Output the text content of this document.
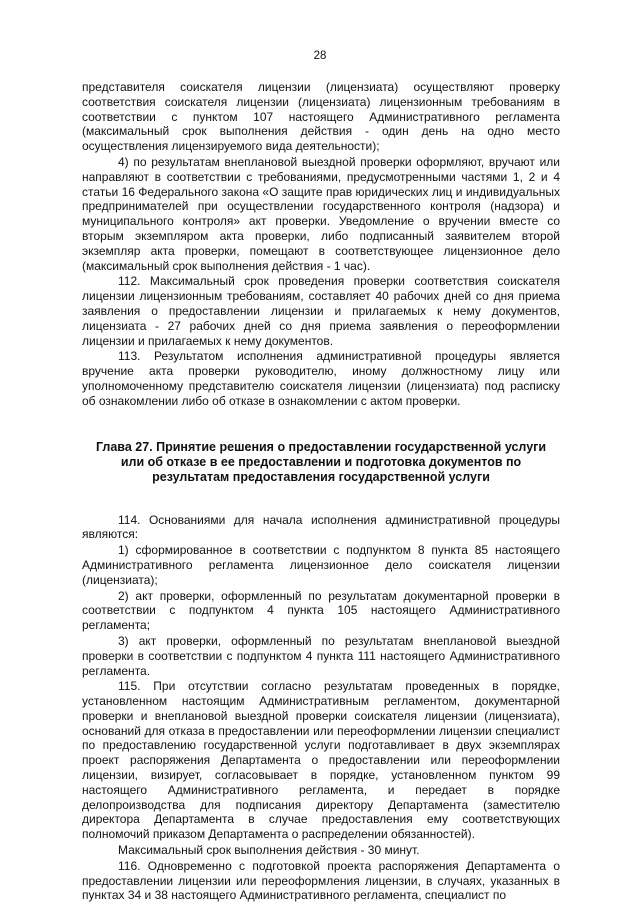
28

представителя соискателя лицензии (лицензиата) осуществляют проверку соответствия соискателя лицензии (лицензиата) лицензионным требованиям в соответствии с пунктом 107 настоящего Административного регламента (максимальный срок выполнения действия - один день на одно место осуществления лицензируемого вида деятельности);

4) по результатам внеплановой выездной проверки оформляют, вручают или направляют в соответствии с требованиями, предусмотренными частями 1, 2 и 4 статьи 16 Федерального закона «О защите прав юридических лиц и индивидуальных предпринимателей при осуществлении государственного контроля (надзора) и муниципального контроля» акт проверки. Уведомление о вручении вместе со вторым экземпляром акта проверки, либо подписанный заявителем второй экземпляр акта проверки, помещают в соответствующее лицензионное дело (максимальный срок выполнения действия - 1 час).

112. Максимальный срок проведения проверки соответствия соискателя лицензии лицензионным требованиям, составляет 40 рабочих дней со дня приема заявления о предоставлении лицензии и прилагаемых к нему документов, лицензиата - 27 рабочих дней со дня приема заявления о переоформлении лицензии и прилагаемых к нему документов.

113. Результатом исполнения административной процедуры является вручение акта проверки руководителю, иному должностному лицу или уполномоченному представителю соискателя лицензии (лицензиата) под расписку об ознакомлении либо об отказе в ознакомлении с актом проверки.

Глава 27. Принятие решения о предоставлении государственной услуги или об отказе в ее предоставлении и подготовка документов по результатам предоставления государственной услуги

114. Основаниями для начала исполнения административной процедуры являются:

1) сформированное в соответствии с подпунктом 8 пункта 85 настоящего Административного регламента лицензионное дело соискателя лицензии (лицензиата);

2) акт проверки, оформленный по результатам документарной проверки в соответствии с подпунктом 4 пункта 105 настоящего Административного регламента;

3) акт проверки, оформленный по результатам внеплановой выездной проверки в соответствии с подпунктом 4 пункта 111 настоящего Административного регламента.

115. При отсутствии согласно результатам проведенных в порядке, установленном настоящим Административным регламентом, документарной проверки и внеплановой выездной проверки соискателя лицензии (лицензиата), оснований для отказа в предоставлении или переоформлении лицензии специалист по предоставлению государственной услуги подготавливает в двух экземплярах проект распоряжения Департамента о предоставлении или переоформлении лицензии, визирует, согласовывает в порядке, установленном пунктом 99 настоящего Административного регламента, и передает в порядке делопроизводства для подписания директору Департамента (заместителю директора Департамента в случае предоставления ему соответствующих полномочий приказом Департамента о распределении обязанностей).

Максимальный срок выполнения действия - 30 минут.

116. Одновременно с подготовкой проекта распоряжения Департамента о предоставлении лицензии или переоформления лицензии, в случаях, указанных в пунктах 34 и 38 настоящего Административного регламента, специалист по
